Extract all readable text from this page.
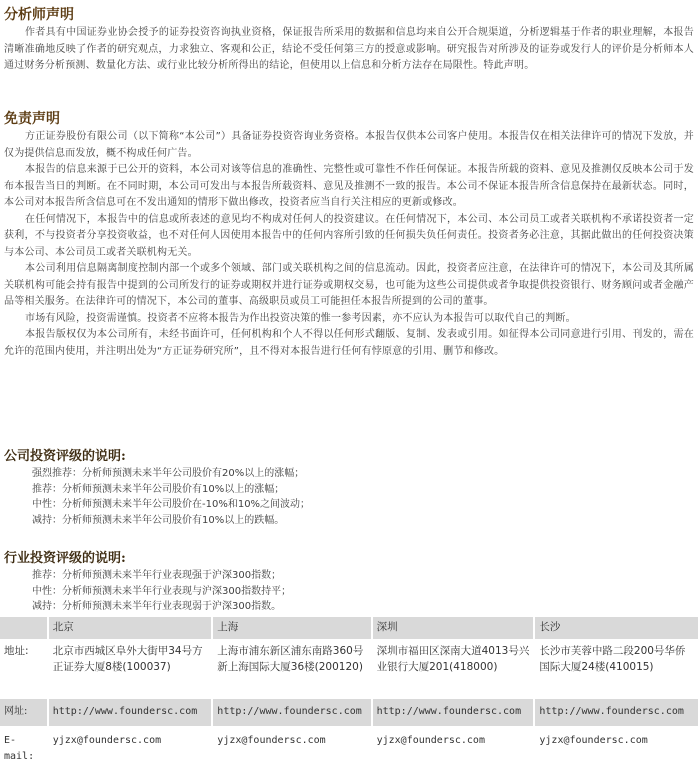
分析师声明
作者具有中国证券业协会授予的证券投资咨询执业资格，保证报告所采用的数据和信息均来自公开合规渠道，分析逻辑基于作者的职业理解，本报告清晰准确地反映了作者的研究观点，力求独立、客观和公正，结论不受任何第三方的授意或影响。研究报告对所涉及的证券或发行人的评价是分析师本人通过财务分析预测、数量化方法、或行业比较分析所得出的结论，但使用以上信息和分析方法存在局限性。特此声明。
免责声明
方正证券股份有限公司（以下简称“本公司”）具备证券投资咨询业务资格。本报告仅供本公司客户使用。本报告仅在相关法律许可的情况下发放，并仅为提供信息而发放，概不构成任何广告。
本报告的信息来源于已公开的资料，本公司对该等信息的准确性、完整性或可靠性不作任何保证。本报告所载的资料、意见及推测仅反映本公司于发布本报告当日的判断。在不同时期，本公司可发出与本报告所载资料、意见及推测不一致的报告。本公司不保证本报告所含信息保持在最新状态。同时，本公司对本报告所含信息可在不发出通知的情形下做出修改，投资者应当自行关注相应的更新或修改。
在任何情况下，本报告中的信息或所表述的意见均不构成对任何人的投资建议。在任何情况下，本公司、本公司员工或者关联机构不承诺投资者一定获利，不与投资者分享投资收益，也不对任何人因使用本报告中的任何内容所引致的任何损失负任何责任。投资者务必注意，其据此做出的任何投资决策与本公司、本公司员工或者关联机构无关。
本公司利用信息隔离制度控制内部一个或多个领域、部门或关联机构之间的信息流动。因此，投资者应注意，在法律许可的情况下，本公司及其所属关联机构可能会持有报告中提到的公司所发行的证券或期权并进行证券或期权交易，也可能为这些公司提供或者争取提供投资银行、财务顾问或者金融产品等相关服务。在法律许可的情况下，本公司的董事、高级职员或员工可能担任本报告所提到的公司的董事。
市场有风险，投资需谨慎。投资者不应将本报告为作出投资决策的惟一参考因素，亦不应认为本报告可以取代自己的判断。
本报告版权仅为本公司所有，未经书面许可，任何机构和个人不得以任何形式翻版、复制、发表或引用。如征得本公司同意进行引用、刊发的，需在允许的范围内使用，并注明出处为“方正证券研究所”，且不得对本报告进行任何有悖原意的引用、删节和修改。
公司投资评级的说明:
强烈推荐：分析师预测未来半年公司股价有20%以上的涨幅；
推荐：分析师预测未来半年公司股价有10%以上的涨幅；
中性：分析师预测未来半年公司股价在-10%和10%之间波动；
减持：分析师预测未来半年公司股价有10%以上的跌幅。
行业投资评级的说明:
推荐：分析师预测未来半年行业表现强于沪深300指数；
中性：分析师预测未来半年行业表现与沪深300指数持平；
减持：分析师预测未来半年行业表现弱于沪深300指数。
	北京	上海	深圳	长沙
地址:	北京市西城区阜外大街甲34号方正证券大厦8楼(100037)	上海市浦东新区浦东南路360号新上海国际大厦36楼(200120)	深圳市福田区深南大道4013号兴业银行大厦201(418000)	长沙市芙蓉中路二段200号华侨国际大厦24楼(410015)
网址:	http://www.foundersc.com	http://www.foundersc.com	http://www.foundersc.com	http://www.foundersc.com
E-mail:	yjzx@foundersc.com	yjzx@foundersc.com	yjzx@foundersc.com	yjzx@foundersc.com
